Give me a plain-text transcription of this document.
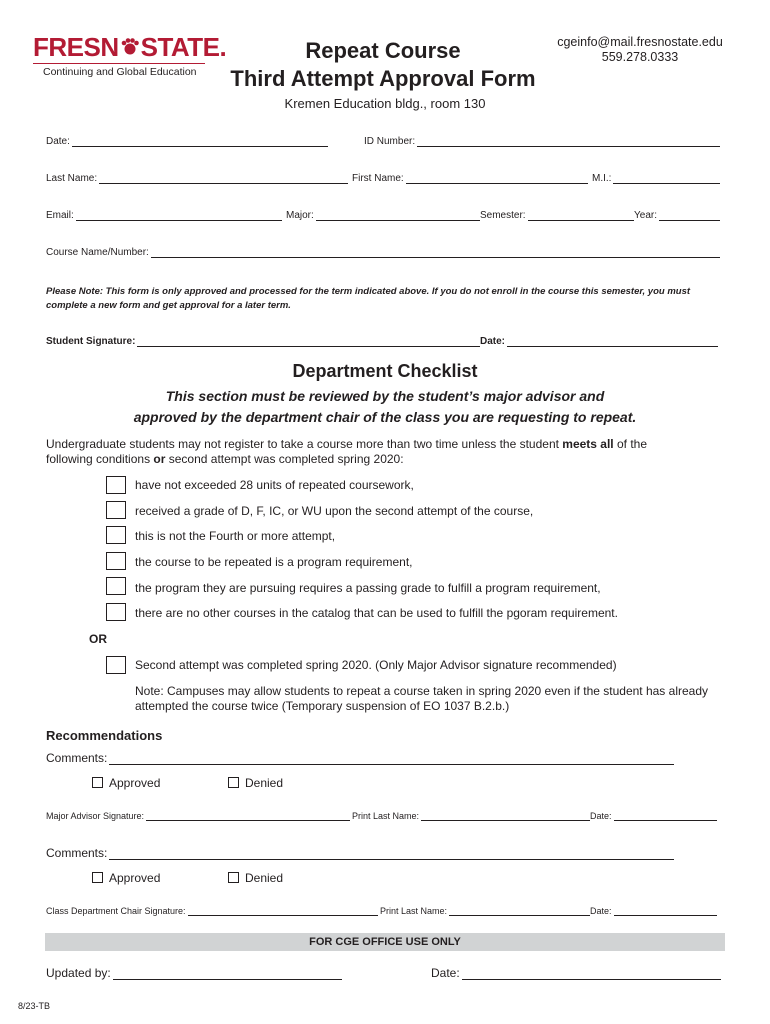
FRESN STATE.
Continuing and Global Education
Repeat Course
Third Attempt Approval Form
cgeinfo@mail.fresnostate.edu
559.278.0333
Kremen Education bldg., room 130
Date:	ID Number:
Last Name:	First Name:	M.I.:
Email:	Major:	Semester:	Year:
Course Name/Number:
Please Note: This form is only approved and processed for the term indicated above. If you do not enroll in the course this semester, you must complete a new form and get approval for a later term.
Student Signature:	Date:
Department Checklist
This section must be reviewed by the student’s major advisor and
approved by the department chair of the class you are requesting to repeat.
Undergraduate students may not register to take a course more than two time unless the student meets all of the following conditions or second attempt was completed spring 2020:
have not exceeded 28 units of repeated coursework,
received a grade of D, F, IC, or WU upon the second attempt of the course,
this is not the Fourth or more attempt,
the course to be repeated is a program requirement,
the program they are pursuing requires a passing grade to fulfill a program requirement,
there are no other courses in the catalog that can be used to fulfill the pgoram requirement.
OR
Second attempt was completed spring 2020. (Only Major Advisor signature recommended)
Note: Campuses may allow students to repeat a course taken in spring 2020 even if the student has already attempted the course twice (Temporary suspension of EO 1037 B.2.b.)
Recommendations
Comments:
Approved	Denied
Major Advisor Signature:	Print Last Name:	Date:
Comments:
Approved	Denied
Class Department Chair Signature:	Print Last Name:	Date:
FOR CGE OFFICE USE ONLY
Updated by:	Date:
8/23-TB
